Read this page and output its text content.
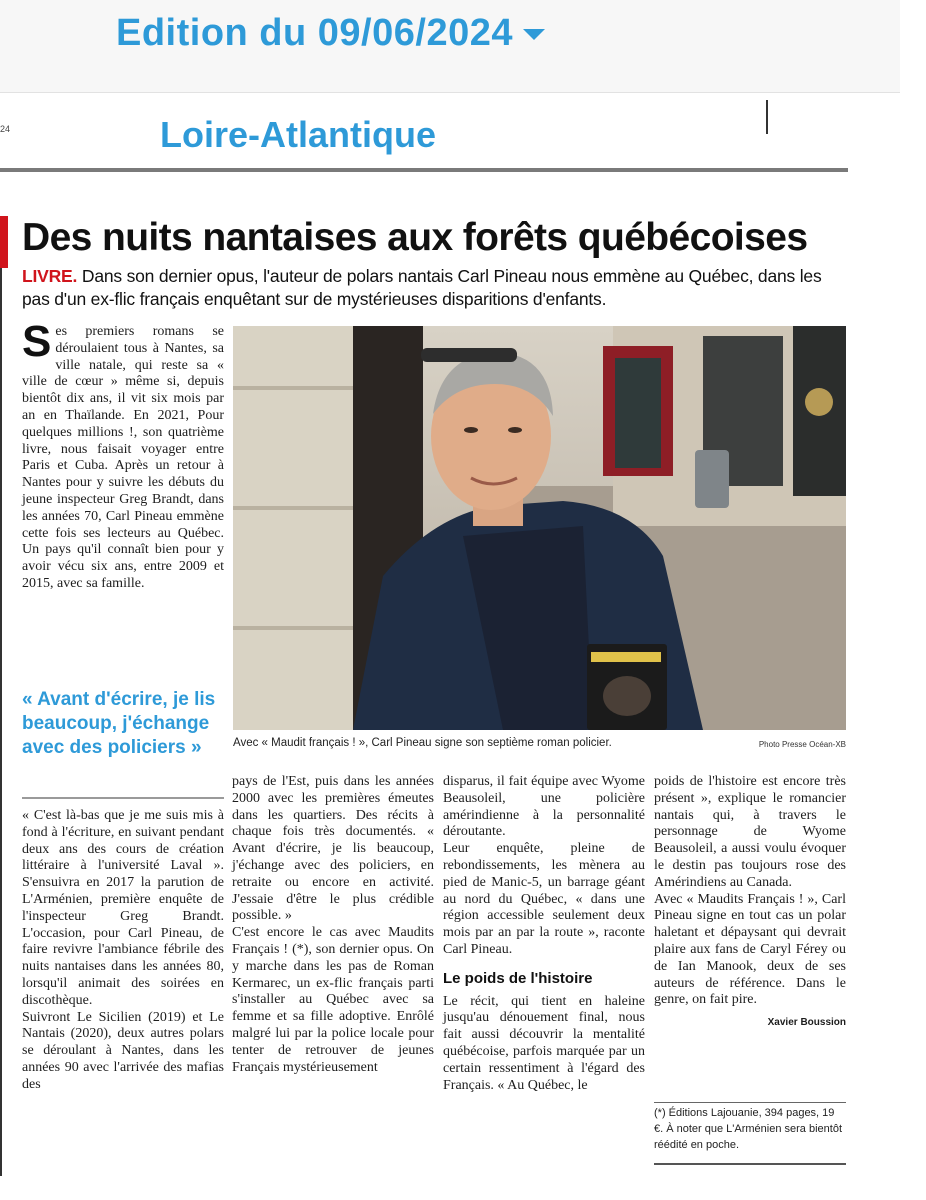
Edition du 09/06/2024
24	Loire-Atlantique
Des nuits nantaises aux forêts québécoises
LIVRE. Dans son dernier opus, l'auteur de polars nantais Carl Pineau nous emmène au Québec, dans les pas d'un ex-flic français enquêtant sur de mystérieuses disparitions d'enfants.
Avec « Maudit français ! », Carl Pineau signe son septième roman policier.	Photo Presse Océan-XB

Ses premiers romans se déroulaient tous à Nantes, sa ville natale, qui reste sa « ville de cœur » même si, depuis bientôt dix ans, il vit six mois par an en Thaïlande. En 2021, Pour quelques millions !, son quatrième livre, nous faisait voyager entre Paris et Cuba. Après un retour à Nantes pour y suivre les débuts du jeune inspecteur Greg Brandt, dans les années 70, Carl Pineau emmène cette fois ses lecteurs au Québec. Un pays qu'il connaît bien pour y avoir vécu six ans, entre 2009 et 2015, avec sa famille.

« Avant d'écrire, je lis beaucoup, j'échange avec des policiers »

« C'est là-bas que je me suis mis à fond à l'écriture, en suivant pendant deux ans des cours de création littéraire à l'université Laval ». S'ensuivra en 2017 la parution de L'Arménien, première enquête de l'inspecteur Greg Brandt. L'occasion, pour Carl Pineau, de faire revivre l'ambiance fébrile des nuits nantaises dans les années 80, lorsqu'il animait des soirées en discothèque.

Suivront Le Sicilien (2019) et Le Nantais (2020), deux autres polars se déroulant à Nantes, dans les années 90 avec l'arrivée des mafias des

pays de l'Est, puis dans les années 2000 avec les premières émeutes dans les quartiers. Des récits à chaque fois très documentés. « Avant d'écrire, je lis beaucoup, j'échange avec des policiers, en retraite ou encore en activité. J'essaie d'être le plus crédible possible. »

C'est encore le cas avec Maudits Français ! (*), son dernier opus. On y marche dans les pas de Roman Kermarec, un ex-flic français parti s'installer au Québec avec sa femme et sa fille adoptive. Enrôlé malgré lui par la police locale pour tenter de retrouver de jeunes Français mystérieusement

disparus, il fait équipe avec Wyome Beausoleil, une policière amérindienne à la personnalité déroutante.

Leur enquête, pleine de rebondissements, les mènera au pied de Manic-5, un barrage géant au nord du Québec, « dans une région accessible seulement deux mois par an par la route », raconte Carl Pineau.

Le poids de l'histoire

Le récit, qui tient en haleine jusqu'au dénouement final, nous fait aussi découvrir la mentalité québécoise, parfois marquée par un certain ressentiment à l'égard des Français. « Au Québec, le

poids de l'histoire est encore très présent », explique le romancier nantais qui, à travers le personnage de Wyome Beausoleil, a aussi voulu évoquer le destin pas toujours rose des Amérindiens au Canada.

Avec « Maudits Français ! », Carl Pineau signe en tout cas un polar haletant et dépaysant qui devrait plaire aux fans de Caryl Férey ou de Ian Manook, deux de ses auteurs de référence. Dans le genre, on fait pire.

Xavier Boussion
(*) Éditions Lajouanie, 394 pages, 19 €. À noter que L'Arménien sera bientôt réédité en poche.
